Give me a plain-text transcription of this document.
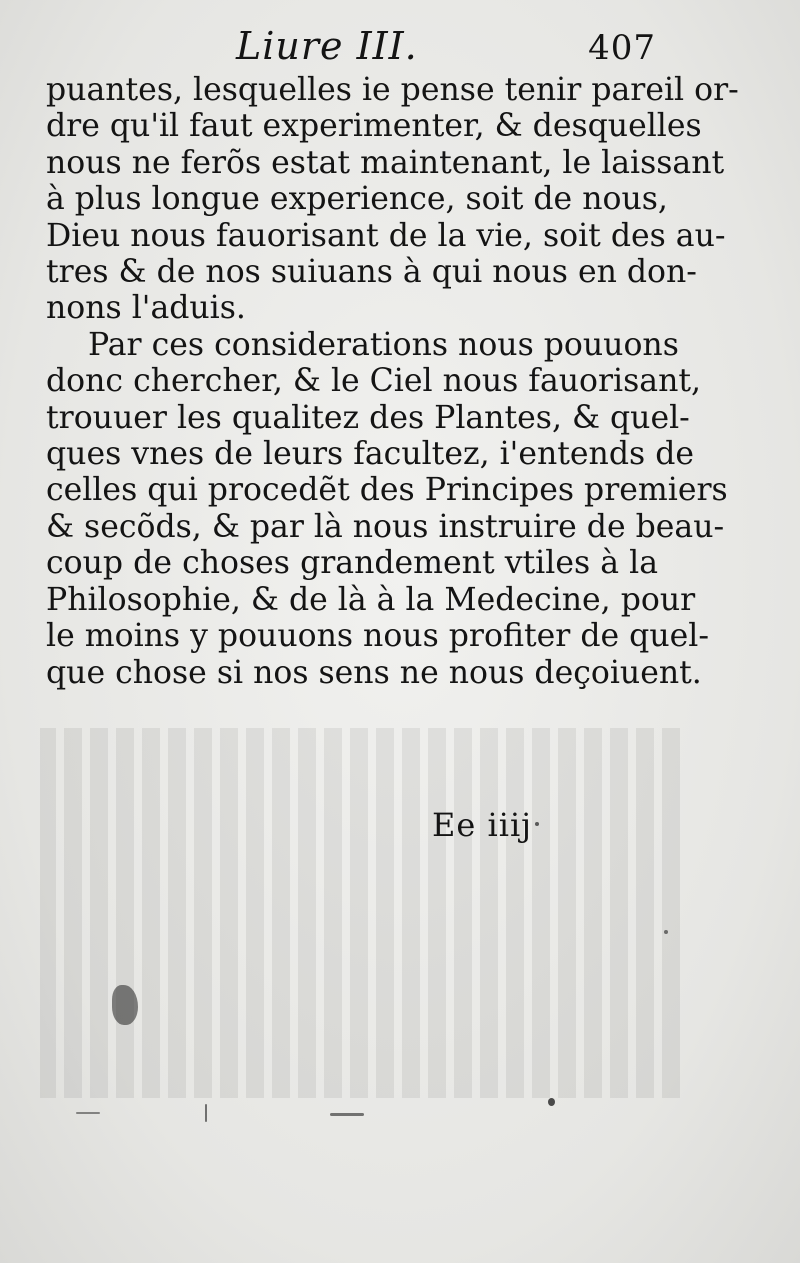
Liure III.	407
puantes, lesquelles ie pense tenir pareil or-
dre qu'il faut experimenter, & desquelles
nous ne ferõs estat maintenant, le laissant
à plus longue experience, soit de nous,
Dieu nous fauorisant de la vie, soit des au-
tres & de nos suiuans à qui nous en don-
nons l'aduis.
Par ces considerations nous pouuons
donc chercher, & le Ciel nous fauorisant,
trouuer les qualitez des Plantes, & quel-
ques vnes de leurs facultez, i'entends de
celles qui procedẽt des Principes premiers
& secõds, & par là nous instruire de beau-
coup de choses grandement vtiles à la
Philosophie, & de là à la Medecine, pour
le moins y pouuons nous profiter de quel-
que chose si nos sens ne nous deçoiuent.
Ee iiij
